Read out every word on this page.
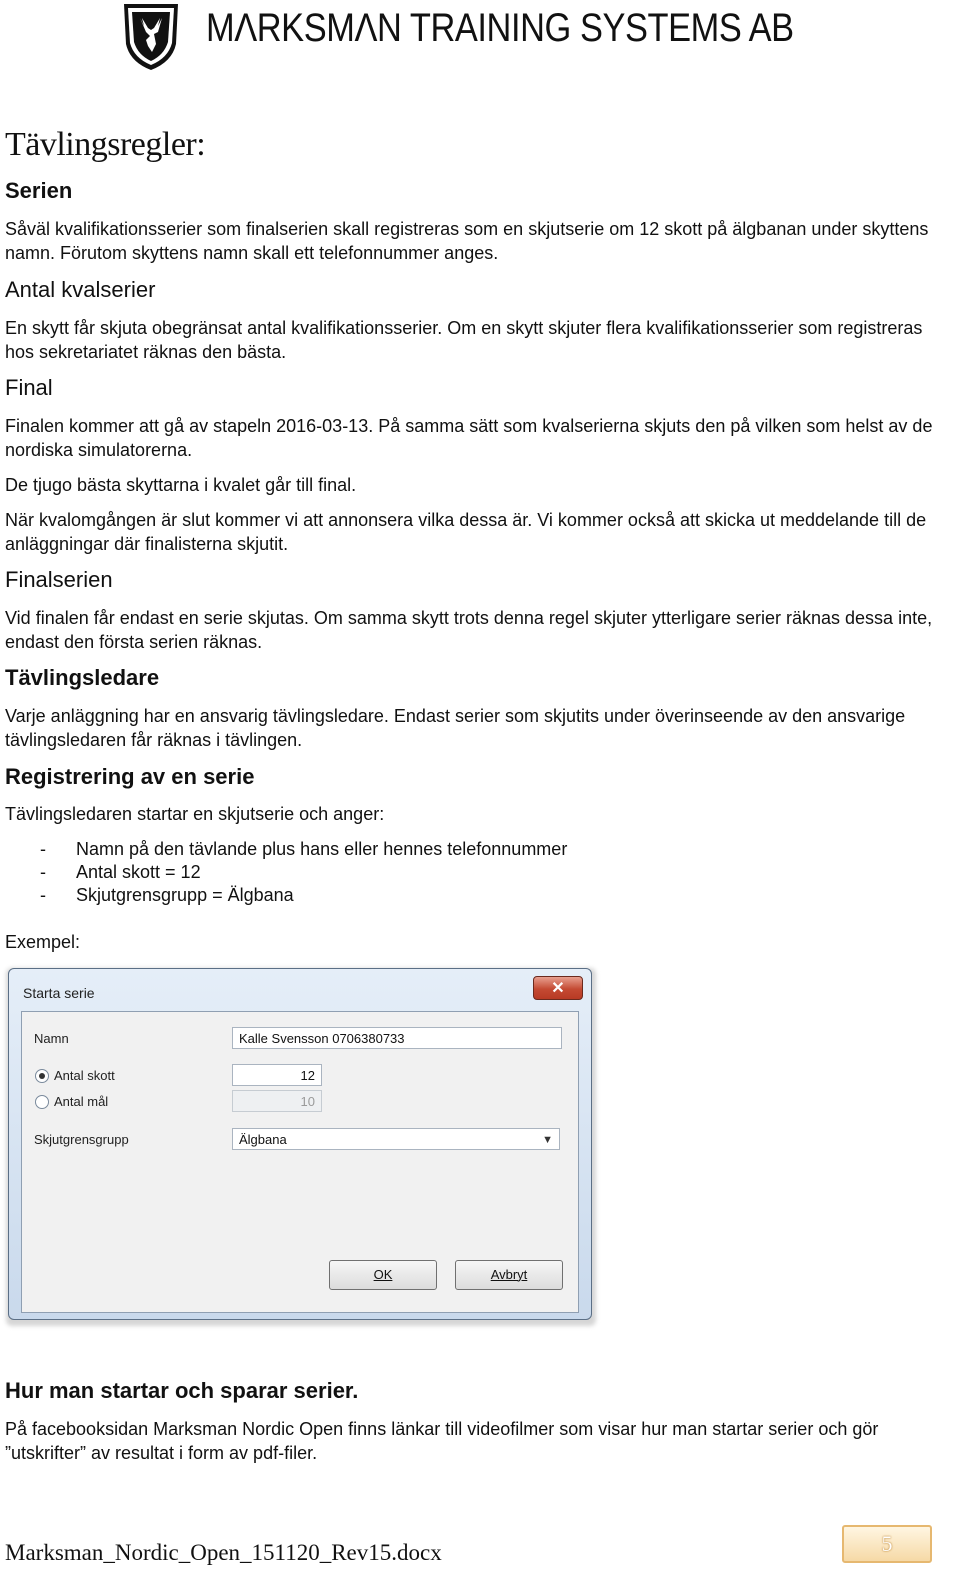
MΛRKSMΛN TRAINING SYSTEMS AB
Tävlingsregler:
Serien
Såväl kvalifikationsserier som finalserien skall registreras som en skjutserie om 12 skott på älgbanan under skyttens namn. Förutom skyttens namn skall ett telefonnummer anges.
Antal kvalserier
En skytt får skjuta obegränsat antal kvalifikationsserier. Om en skytt skjuter flera kvalifikationsserier som registreras hos sekretariatet räknas den bästa.
Final
Finalen kommer att gå av stapeln 2016-03-13. På samma sätt som kvalserierna skjuts den på vilken som helst av de nordiska simulatorerna.
De tjugo bästa skyttarna i kvalet går till final.
När kvalomgången är slut kommer vi att annonsera vilka dessa är. Vi kommer också att skicka ut meddelande till de anläggningar där finalisterna skjutit.
Finalserien
Vid finalen får endast en serie skjutas. Om samma skytt trots denna regel skjuter ytterligare serier räknas dessa inte, endast den första serien räknas.
Tävlingsledare
Varje anläggning har en ansvarig tävlingsledare. Endast serier som skjutits under överinseende av den ansvarige tävlingsledaren får räknas i tävlingen.
Registrering av en serie
Tävlingsledaren startar en skjutserie och anger:
-	Namn på den tävlande plus hans eller hennes telefonnummer
-	Antal skott = 12
-	Skjutgrensgrupp = Älgbana
Exempel:
Starta serie	✕
Namn	Kalle Svensson 0706380733
Antal skott	12
Antal mål	10
Skjutgrensgrupp	Älgbana	▼
OK	Avbryt
Hur man startar och sparar serier.
På facebooksidan Marksman Nordic Open finns länkar till videofilmer som visar hur man startar serier och gör ”utskrifter” av resultat i form av pdf-filer.
Marksman_Nordic_Open_151120_Rev15.docx	5
